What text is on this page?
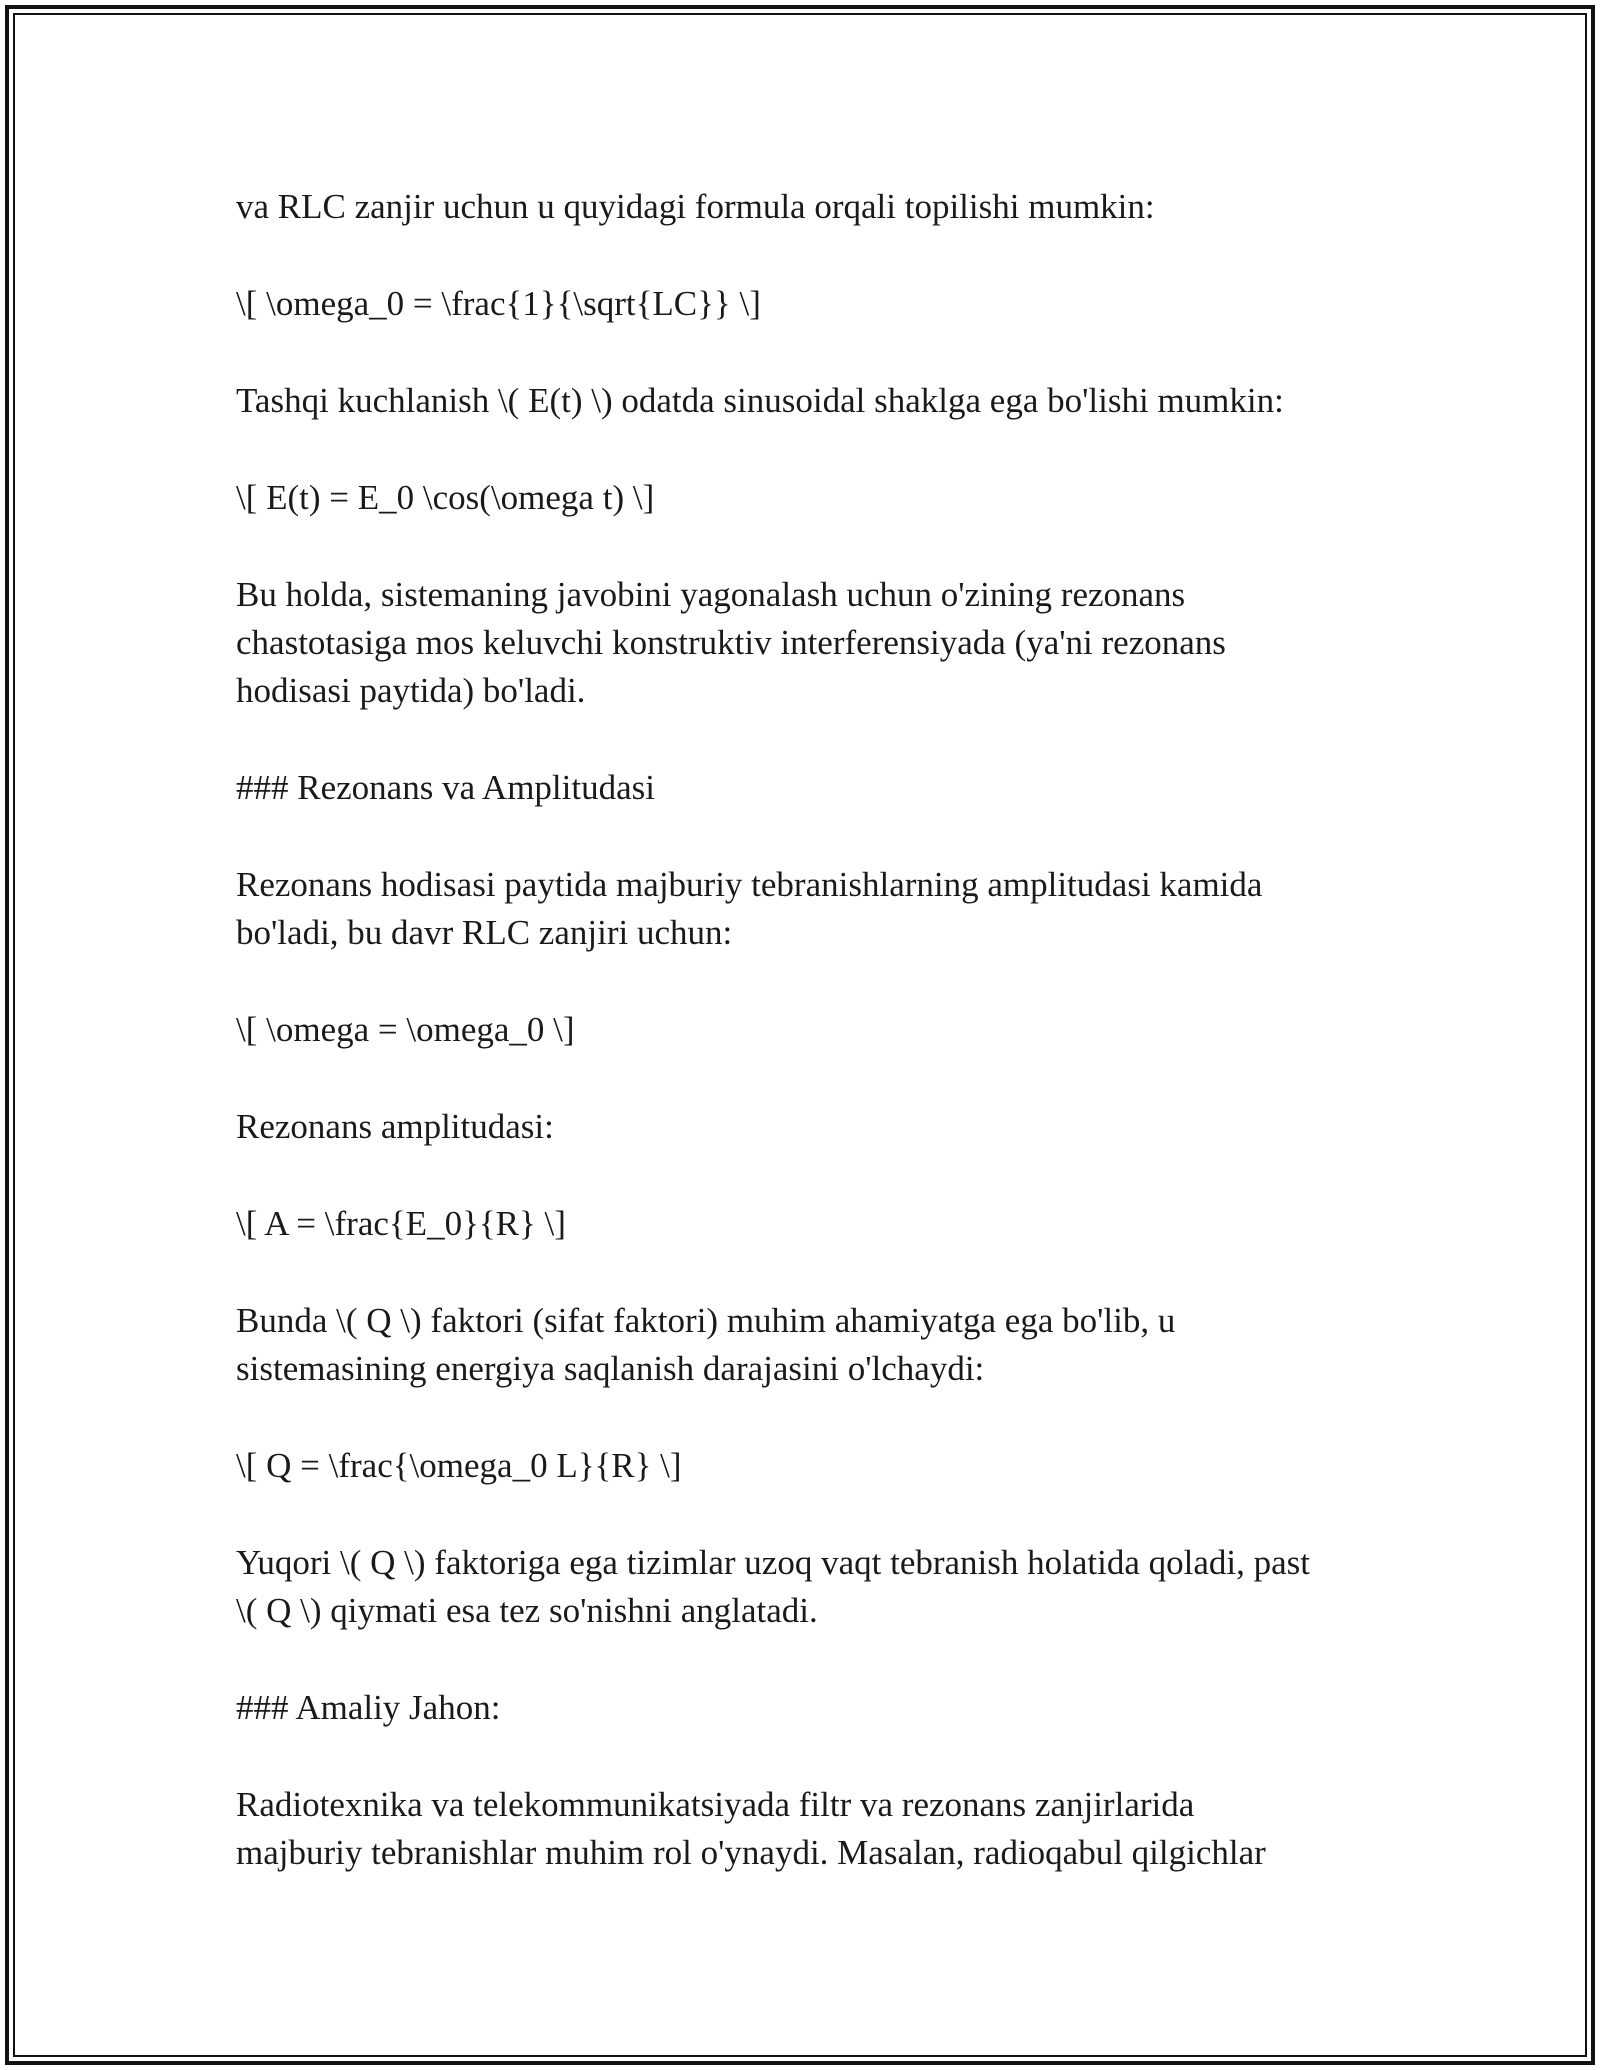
va RLC zanjir uchun u quyidagi formula orqali topilishi mumkin:

\[ \omega_0 = \frac{1}{\sqrt{LC}} \]

Tashqi kuchlanish \( E(t) \) odatda sinusoidal shaklga ega bo'lishi mumkin:

\[ E(t) = E_0 \cos(\omega t) \]

Bu holda, sistemaning javobini yagonalash uchun o'zining rezonans
chastotasiga mos keluvchi konstruktiv interferensiyada (ya'ni rezonans
hodisasi paytida) bo'ladi.

### Rezonans va Amplitudasi

Rezonans hodisasi paytida majburiy tebranishlarning amplitudasi kamida
bo'ladi, bu davr RLC zanjiri uchun:

\[ \omega = \omega_0 \]

Rezonans amplitudasi:

\[ A = \frac{E_0}{R} \]

Bunda \( Q \) faktori (sifat faktori) muhim ahamiyatga ega bo'lib, u
sistemasining energiya saqlanish darajasini o'lchaydi:

\[ Q = \frac{\omega_0 L}{R} \]

Yuqori \( Q \) faktoriga ega tizimlar uzoq vaqt tebranish holatida qoladi, past
\( Q \) qiymati esa tez so'nishni anglatadi.

### Amaliy Jahon:

Radiotexnika va telekommunikatsiyada filtr va rezonans zanjirlarida
majburiy tebranishlar muhim rol o'ynaydi. Masalan, radioqabul qilgichlar
